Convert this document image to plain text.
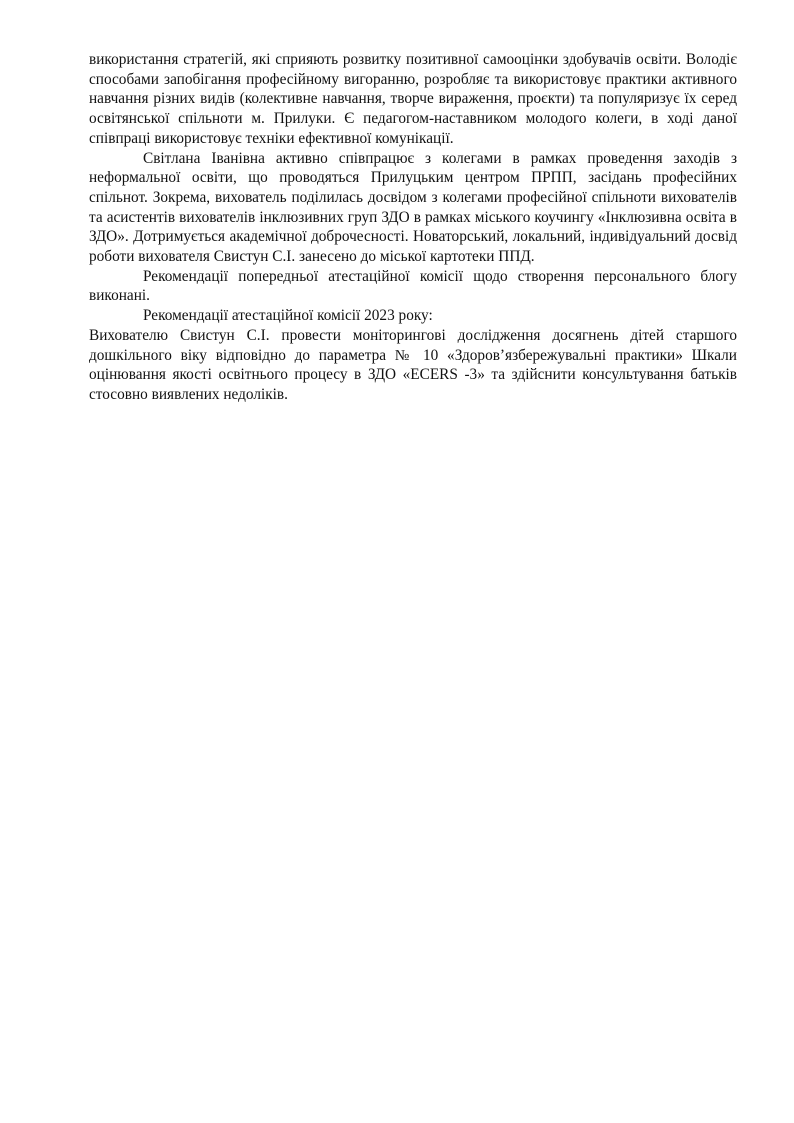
використання стратегій, які сприяють розвитку позитивної самооцінки здобувачів освіти. Володіє способами запобігання професійному вигоранню, розробляє та використовує практики активного навчання різних видів (колективне навчання, творче вираження, проєкти) та популяризує їх серед освітянської спільноти м. Прилуки. Є педагогом-наставником молодого колеги, в ході даної співпраці використовує техніки ефективної комунікації.

Світлана Іванівна активно співпрацює з колегами в рамках проведення заходів з неформальної освіти, що проводяться Прилуцьким центром ПРПП, засідань професійних спільнот. Зокрема, вихователь поділилась досвідом з колегами професійної спільноти вихователів та асистентів вихователів інклюзивних груп ЗДО в рамках міського коучингу «Інклюзивна освіта в ЗДО». Дотримується академічної доброчесності. Новаторський, локальний, індивідуальний досвід роботи вихователя Свистун С.І. занесено до міської картотеки ППД.

Рекомендації попередньої атестаційної комісії щодо створення персонального блогу виконані.

Рекомендації атестаційної комісії 2023 року:

Вихователю Свистун С.І. провести моніторингові дослідження досягнень дітей старшого дошкільного віку відповідно до параметра № 10 «Здоров’язбережувальні практики» Шкали оцінювання якості освітнього процесу в ЗДО «ECERS -3» та здійснити консультування батьків стосовно виявлених недоліків.
